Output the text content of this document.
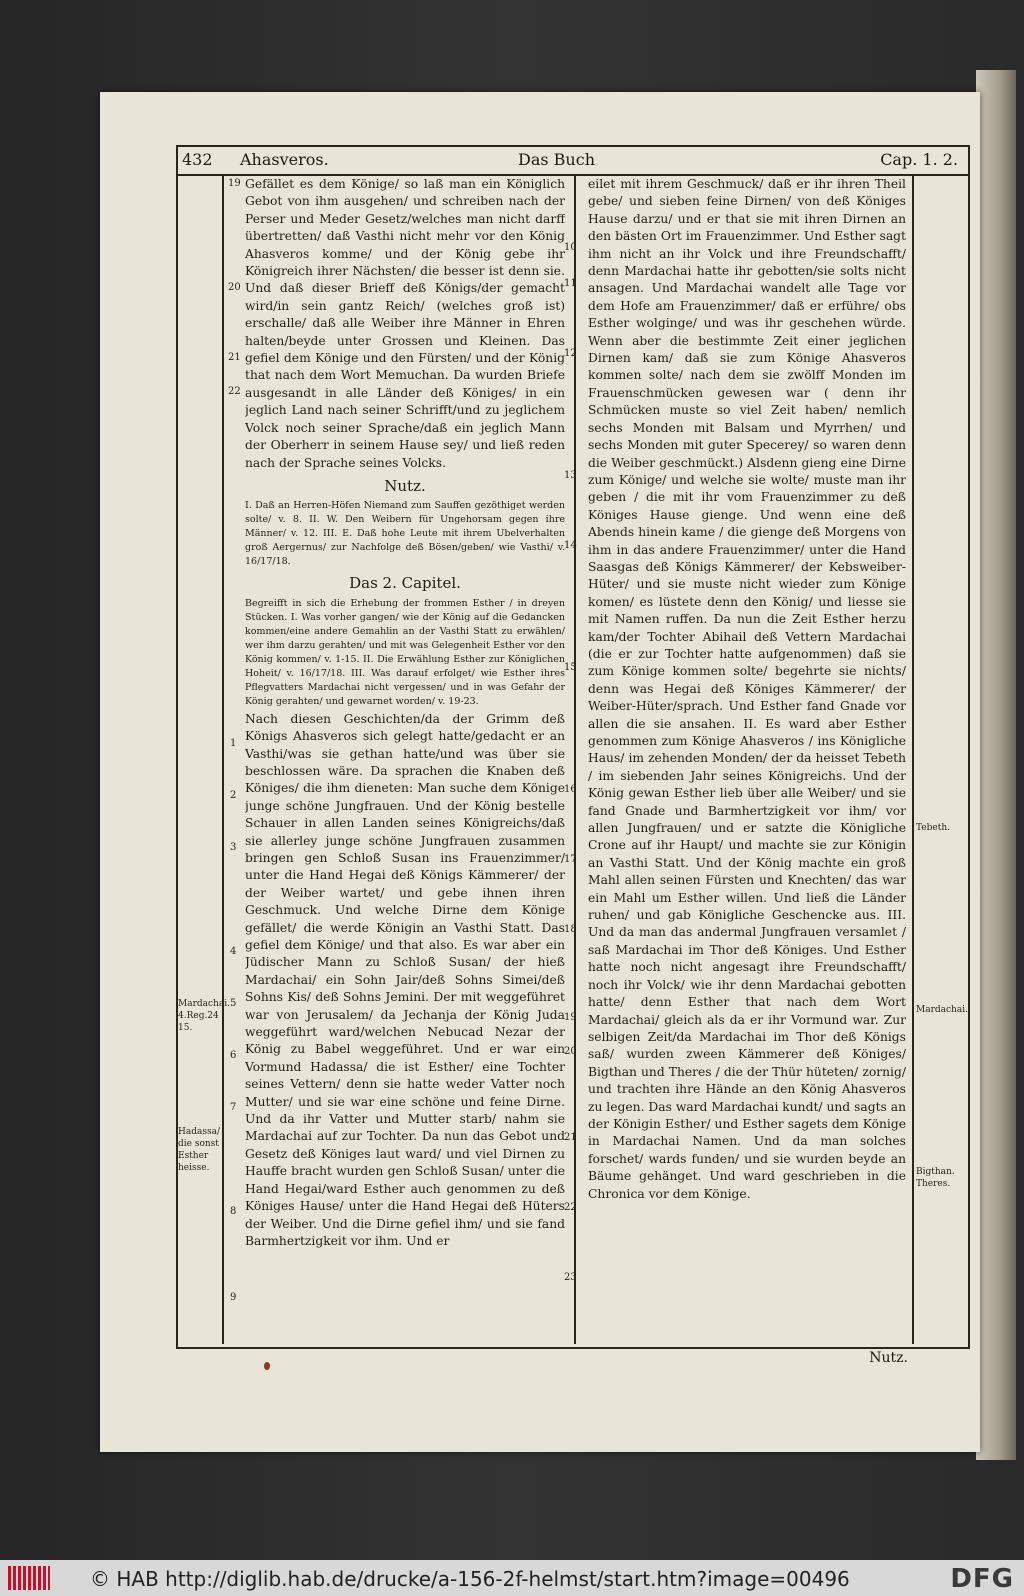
432 Ahasveros.	Das Buch	Cap. 1. 2.

Gefället es dem Könige/ so laß man ein Königlich Gebot von ihm ausgehen/ und schreiben nach der Perser und Meder Gesetz/welches man nicht darff übertretten/ daß Vasthi nicht mehr vor den König Ahasveros komme/ und der König gebe ihr Königreich ihrer Nächsten/ die besser ist denn sie. Und daß dieser Brieff deß Königs/der gemacht wird/in sein gantz Reich/ (welches groß ist) erschalle/ daß alle Weiber ihre Männer in Ehren halten/beyde unter Grossen und Kleinen. Das gefiel dem Könige und den Fürsten/ und der König that nach dem Wort Memuchan. Da wurden Briefe ausgesandt in alle Länder deß Königes/ in ein jeglich Land nach seiner Schrifft/und zu jeglichem Volck noch seiner Sprache/daß ein jeglich Mann der Oberherr in seinem Hause sey/ und ließ reden nach der Sprache seines Volcks.

Nutz.

I. Daß an Herren-Höfen Niemand zum Sauffen gezöthiget werden solte/ v. 8. II. W. Den Weibern für Ungehorsam gegen ihre Männer/ v. 12. III. E. Daß hohe Leute mit ihrem Ubelverhalten groß Aergernus/ zur Nachfolge deß Bösen/geben/ wie Vasthi/ v. 16/17/18.

Das 2. Capitel.

Begreifft in sich die Erhebung der frommen Esther / in dreyen Stücken. I. Was vorher gangen/ wie der König auf die Gedancken kommen/eine andere Gemahlin an der Vasthi Statt zu erwählen/ wer ihm darzu gerahten/ und mit was Gelegenheit Esther vor den König kommen/ v. 1-15. II. Die Erwählung Esther zur Königlichen Hoheit/ v. 16/17/18. III. Was darauf erfolget/ wie Esther ihres Pflegvatters Mardachai nicht vergessen/ und in was Gefahr der König gerahten/ und gewarnet worden/ v. 19-23.

Nach diesen Geschichten/da der Grimm deß Königs Ahasveros sich gelegt hatte/gedacht er an Vasthi/was sie gethan hatte/und was über sie beschlossen wäre. Da sprachen die Knaben deß Königes/ die ihm dieneten: Man suche dem Könige junge schöne Jungfrauen. Und der König bestelle Schauer in allen Landen seines Königreichs/daß sie allerley junge schöne Jungfrauen zusammen bringen gen Schloß Susan ins Frauenzimmer/ unter die Hand Hegai deß Königs Kämmerer/ der der Weiber wartet/ und gebe ihnen ihren Geschmuck. Und welche Dirne dem Könige gefället/ die werde Königin an Vasthi Statt. Das gefiel dem Könige/ und that also. Es war aber ein Jüdischer Mann zu Schloß Susan/ der hieß Mardachai/ ein Sohn Jair/deß Sohns Simei/deß Sohns Kis/ deß Sohns Jemini. Der mit weggeführet war von Jerusalem/ da Jechanja der König Juda weggeführt ward/welchen Nebucad Nezar der König zu Babel weggeführet. Und er war ein Vormund Hadassa/ die ist Esther/ eine Tochter seines Vettern/ denn sie hatte weder Vatter noch Mutter/ und sie war eine schöne und feine Dirne. Und da ihr Vatter und Mutter starb/ nahm sie Mardachai auf zur Tochter. Da nun das Gebot und Gesetz deß Königes laut ward/ und viel Dirnen zu Hauffe bracht wurden gen Schloß Susan/ unter die Hand Hegai/ward Esther auch genommen zu deß Königes Hause/ unter die Hand Hegai deß Hüters der Weiber. Und die Dirne gefiel ihm/ und sie fand Barmhertzigkeit vor ihm. Und er

eilet mit ihrem Geschmuck/ daß er ihr ihren Theil gebe/ und sieben feine Dirnen/ von deß Königes Hause darzu/ und er that sie mit ihren Dirnen an den bästen Ort im Frauenzimmer. Und Esther sagt ihm nicht an ihr Volck und ihre Freundschafft/ denn Mardachai hatte ihr gebotten/sie solts nicht ansagen. Und Mardachai wandelt alle Tage vor dem Hofe am Frauenzimmer/ daß er erführe/ obs Esther wolginge/ und was ihr geschehen würde. Wenn aber die bestimmte Zeit einer jeglichen Dirnen kam/ daß sie zum Könige Ahasveros kommen solte/ nach dem sie zwölff Monden im Frauenschmücken gewesen war ( denn ihr Schmücken muste so viel Zeit haben/ nemlich sechs Monden mit Balsam und Myrrhen/ und sechs Monden mit guter Specerey/ so waren denn die Weiber geschmückt.) Alsdenn gieng eine Dirne zum Könige/ und welche sie wolte/ muste man ihr geben / die mit ihr vom Frauenzimmer zu deß Königes Hause gienge. Und wenn eine deß Abends hinein kame / die gienge deß Morgens von ihm in das andere Frauenzimmer/ unter die Hand Saasgas deß Königs Kämmerer/ der Kebsweiber-Hüter/ und sie muste nicht wieder zum Könige komen/ es lüstete denn den König/ und liesse sie mit Namen ruffen. Da nun die Zeit Esther herzu kam/der Tochter Abihail deß Vettern Mardachai (die er zur Tochter hatte aufgenommen) daß sie zum Könige kommen solte/ begehrte sie nichts/ denn was Hegai deß Königes Kämmerer/ der Weiber-Hüter/sprach. Und Esther fand Gnade vor allen die sie ansahen. II. Es ward aber Esther genommen zum Könige Ahasveros / ins Königliche Haus/ im zehenden Monden/ der da heisset Tebeth / im siebenden Jahr seines Königreichs. Und der König gewan Esther lieb über alle Weiber/ und sie fand Gnade und Barmhertzigkeit vor ihm/ vor allen Jungfrauen/ und er satzte die Königliche Crone auf ihr Haupt/ und machte sie zur Königin an Vasthi Statt. Und der König machte ein groß Mahl allen seinen Fürsten und Knechten/ das war ein Mahl um Esther willen. Und ließ die Länder ruhen/ und gab Königliche Geschencke aus. III. Und da man das andermal Jungfrauen versamlet / saß Mardachai im Thor deß Königes. Und Esther hatte noch nicht angesagt ihre Freundschafft/ noch ihr Volck/ wie ihr denn Mardachai gebotten hatte/ denn Esther that nach dem Wort Mardachai/ gleich als da er ihr Vormund war. Zur selbigen Zeit/da Mardachai im Thor deß Königs saß/ wurden zween Kämmerer deß Königes/ Bigthan und Theres / die der Thür hüteten/ zornig/ und trachten ihre Hände an den König Ahasveros zu legen. Das ward Mardachai kundt/ und sagts an der Königin Esther/ und Esther sagets dem Könige in Mardachai Namen. Und da man solches forschet/ wards funden/ und sie wurden beyde an Bäume gehänget. Und ward geschrieben in die Chronica vor dem Könige.

19
20
21
22
1
2
3
4
5
6
7
8
9
10
11
12
13
14
15
16
17
18
19
20
21
22
23
Mardachai. 4.Reg.24 15.
Hadassa/ die sonst Esther heisse.
Tebeth.
Mardachai.
Bigthan. Theres.
Nutz.
© HAB http://diglib.hab.de/drucke/a-156-2f-helmst/start.htm?image=00496	DFG
